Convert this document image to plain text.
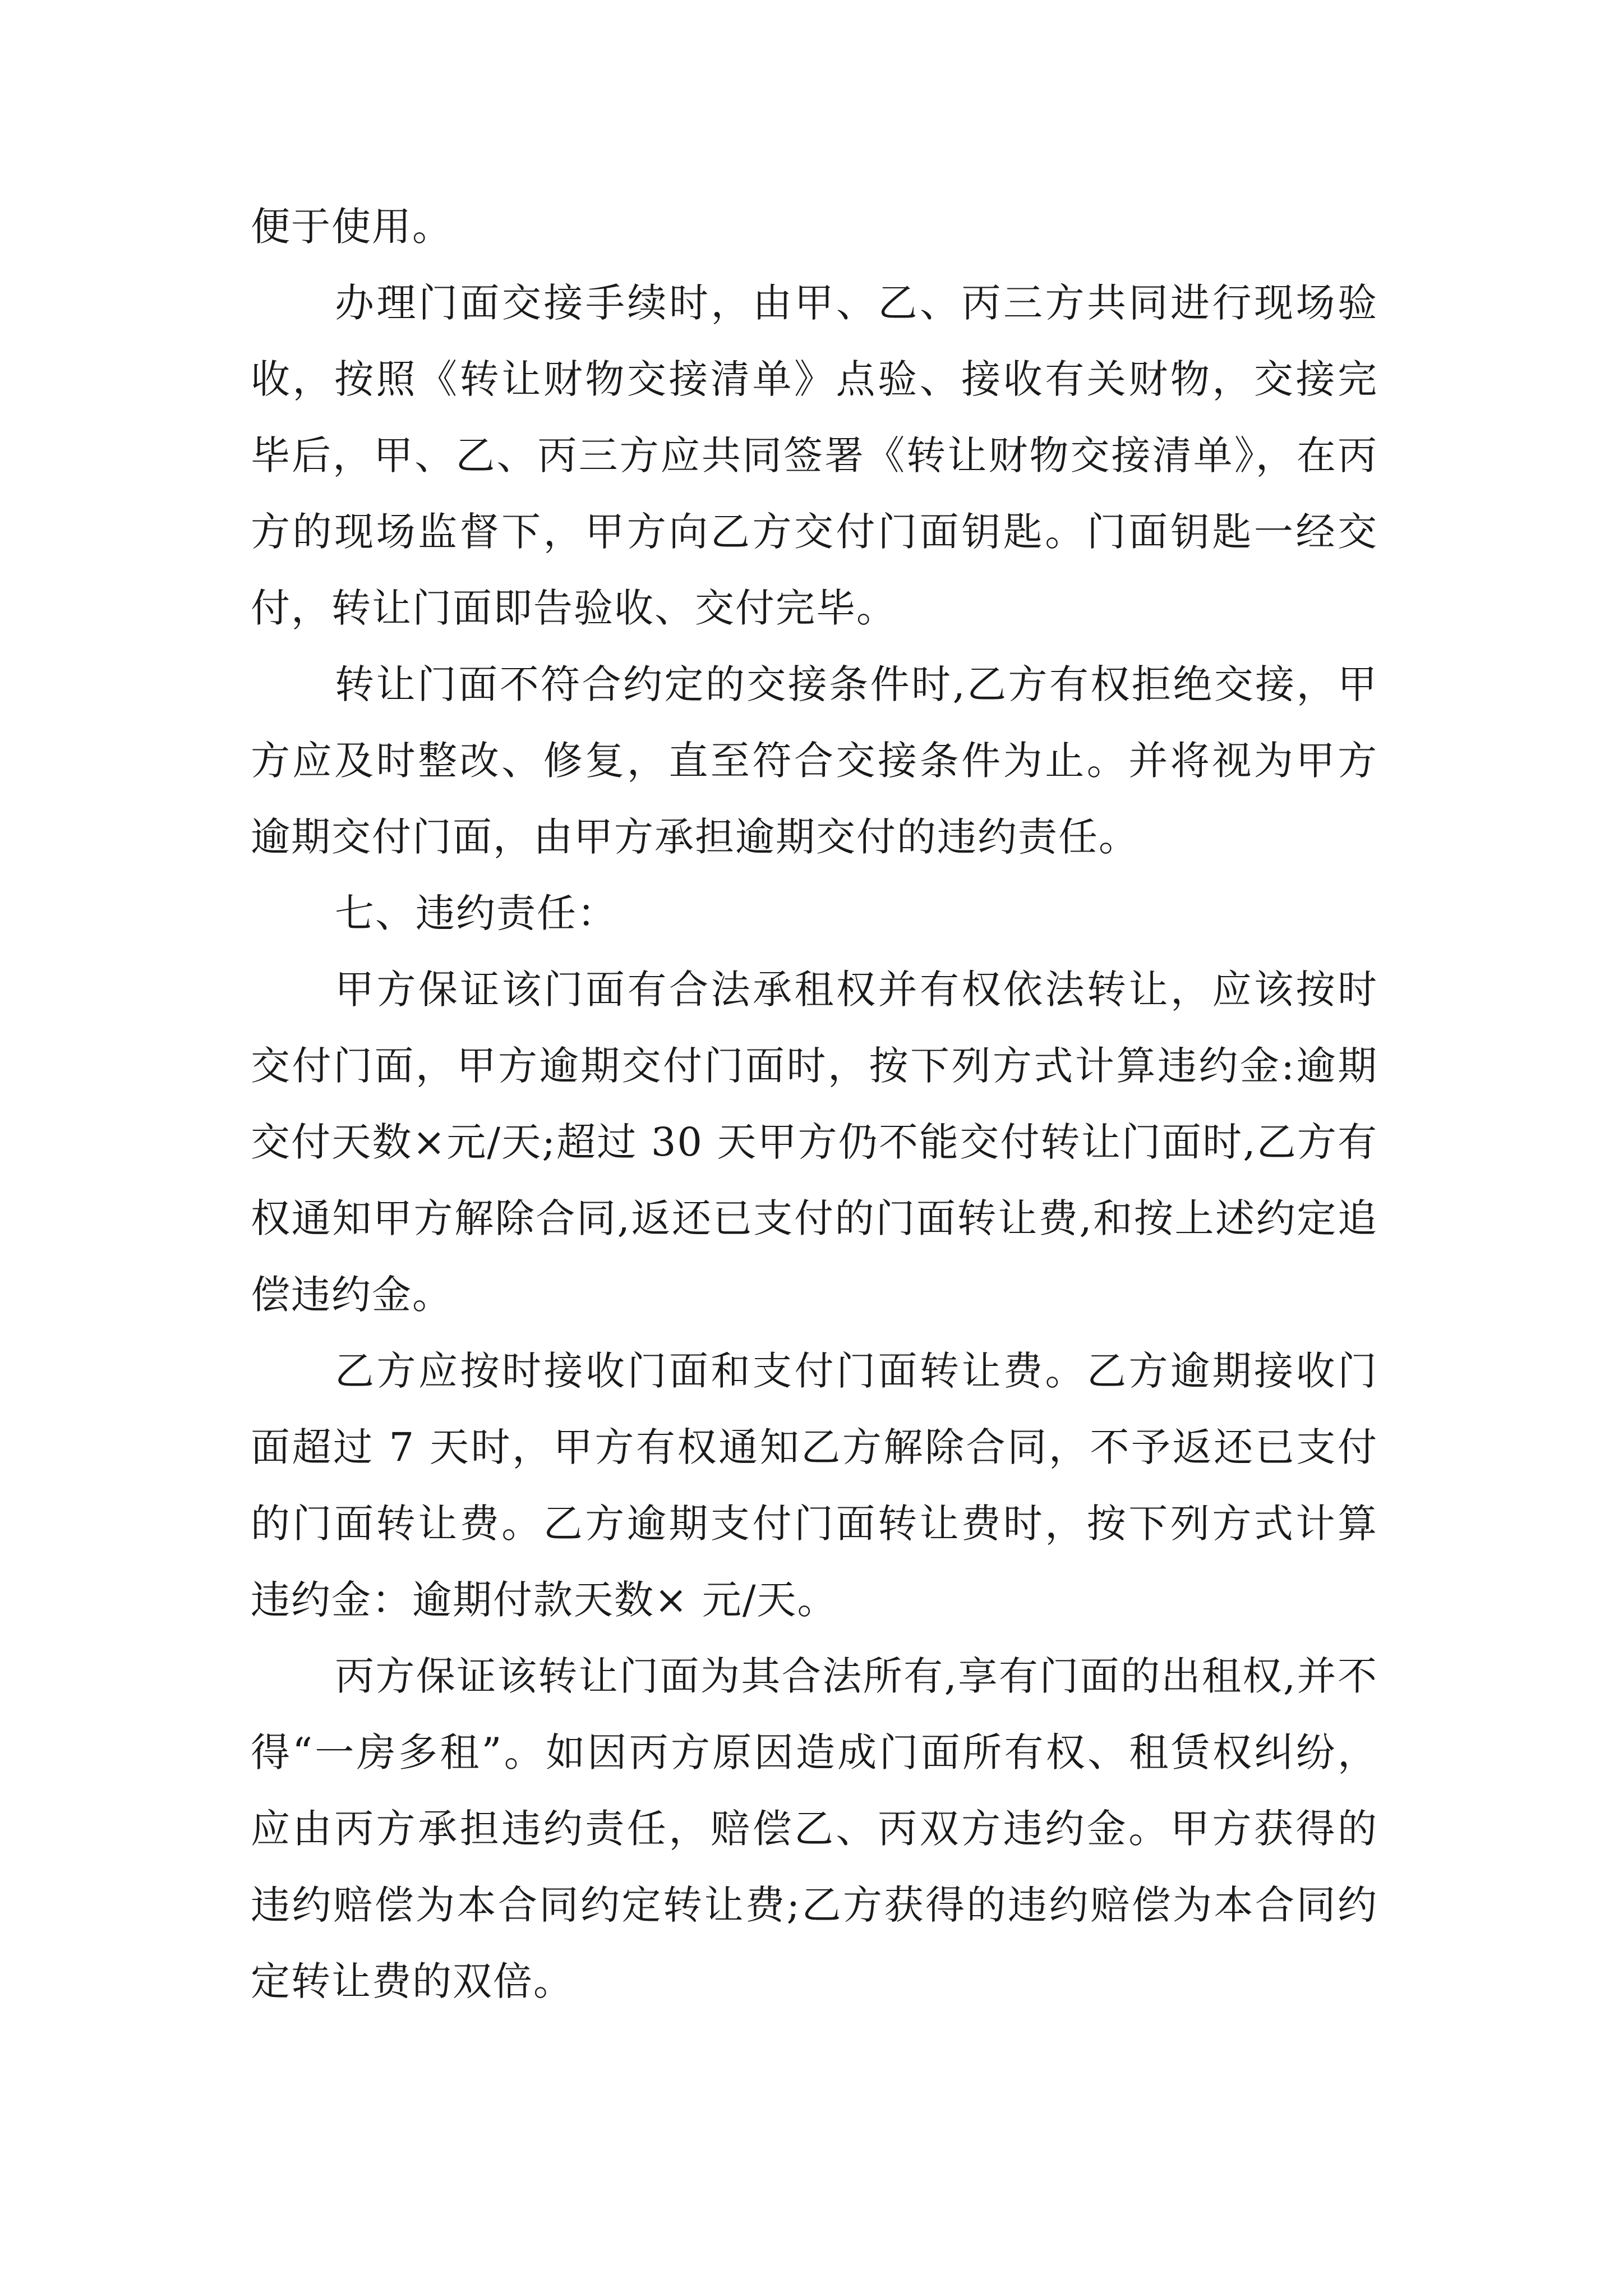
便于使用。

办理门面交接手续时，由甲、乙、丙三方共同进行现场验收，按照《转让财物交接清单》点验、接收有关财物，交接完毕后，甲、乙、丙三方应共同签署《转让财物交接清单》，在丙方的现场监督下，甲方向乙方交付门面钥匙。门面钥匙一经交付，转让门面即告验收、交付完毕。

转让门面不符合约定的交接条件时,乙方有权拒绝交接，甲方应及时整改、修复，直至符合交接条件为止。并将视为甲方逾期交付门面，由甲方承担逾期交付的违约责任。

七、违约责任：

甲方保证该门面有合法承租权并有权依法转让，应该按时交付门面，甲方逾期交付门面时，按下列方式计算违约金:逾期交付天数×元/天;超过 30 天甲方仍不能交付转让门面时,乙方有权通知甲方解除合同,返还已支付的门面转让费,和按上述约定追偿违约金。

乙方应按时接收门面和支付门面转让费。乙方逾期接收门面超过 7 天时，甲方有权通知乙方解除合同，不予返还已支付的门面转让费。乙方逾期支付门面转让费时，按下列方式计算违约金：逾期付款天数× 元/天。

丙方保证该转让门面为其合法所有,享有门面的出租权,并不得“一房多租”。如因丙方原因造成门面所有权、租赁权纠纷，应由丙方承担违约责任，赔偿乙、丙双方违约金。甲方获得的违约赔偿为本合同约定转让费;乙方获得的违约赔偿为本合同约定转让费的双倍。
